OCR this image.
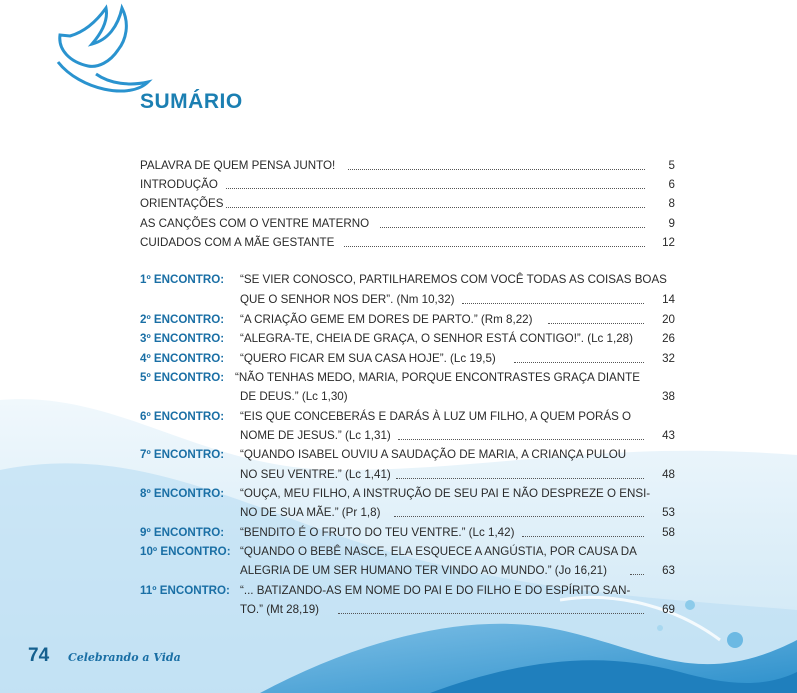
SUMÁRIO
PALAVRA DE QUEM PENSA JUNTO!	5
INTRODUÇÃO	6
ORIENTAÇÕES	8
AS CANÇÕES COM O VENTRE MATERNO	9
CUIDADOS COM A MÃE GESTANTE	12
1º ENCONTRO: “SE VIER CONOSCO, PARTILHAREMOS COM VOCÊ TODAS AS COISAS BOAS
QUE O SENHOR NOS DER”. (Nm 10,32)	14
2º ENCONTRO: “A CRIAÇÃO GEME EM DORES DE PARTO.” (Rm 8,22)	20
3º ENCONTRO: “ALEGRA-TE, CHEIA DE GRAÇA, O SENHOR ESTÁ CONTIGO!”. (Lc 1,28)	26
4º ENCONTRO: “QUERO FICAR EM SUA CASA HOJE”. (Lc 19,5)	32
5º ENCONTRO: “NÃO TENHAS MEDO, MARIA, PORQUE ENCONTRASTES GRAÇA DIANTE
DE DEUS.” (Lc 1,30)	38
6º ENCONTRO: “EIS QUE CONCEBERÁS E DARÁS À LUZ UM FILHO, A QUEM PORÁS O
NOME DE JESUS.” (Lc 1,31)	43
7º ENCONTRO: “QUANDO ISABEL OUVIU A SAUDAÇÃO DE MARIA, A CRIANÇA PULOU
NO SEU VENTRE.” (Lc 1,41)	48
8º ENCONTRO: “OUÇA, MEU FILHO, A INSTRUÇÃO DE SEU PAI E NÃO DESPREZE O ENSI-
NO DE SUA MÃE.” (Pr 1,8)	53
9º ENCONTRO: “BENDITO É O FRUTO DO TEU VENTRE.” (Lc 1,42)	58
10º ENCONTRO: “QUANDO O BEBÊ NASCE, ELA ESQUECE A ANGÚSTIA, POR CAUSA DA
ALEGRIA DE UM SER HUMANO TER VINDO AO MUNDO.” (Jo 16,21)	63
11º ENCONTRO: “... BATIZANDO-AS EM NOME DO PAI E DO FILHO E DO ESPÍRITO SAN-
TO.” (Mt 28,19)	69
74 Celebrando a Vida
